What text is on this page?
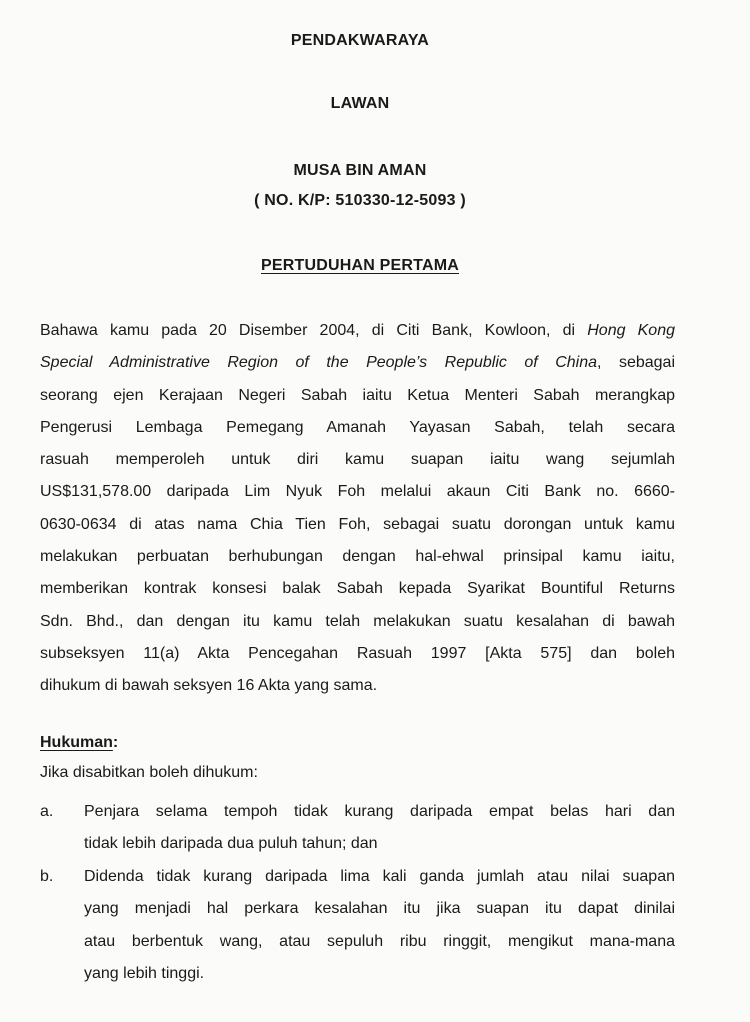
PENDAKWARAYA
LAWAN
MUSA BIN AMAN
( NO. K/P: 510330-12-5093 )
PERTUDUHAN PERTAMA
Bahawa kamu pada 20 Disember 2004, di Citi Bank, Kowloon, di Hong Kong
Special Administrative Region of the People’s Republic of China, sebagai
seorang ejen Kerajaan Negeri Sabah iaitu Ketua Menteri Sabah merangkap
Pengerusi Lembaga Pemegang Amanah Yayasan Sabah, telah secara
rasuah memperoleh untuk diri kamu suapan iaitu wang sejumlah
US$131,578.00 daripada Lim Nyuk Foh melalui akaun Citi Bank no. 6660-
0630-0634 di atas nama Chia Tien Foh, sebagai suatu dorongan untuk kamu
melakukan perbuatan berhubungan dengan hal-ehwal prinsipal kamu iaitu,
memberikan kontrak konsesi balak Sabah kepada Syarikat Bountiful Returns
Sdn. Bhd., dan dengan itu kamu telah melakukan suatu kesalahan di bawah
subseksyen 11(a) Akta Pencegahan Rasuah 1997 [Akta 575] dan boleh
dihukum di bawah seksyen 16 Akta yang sama.
Hukuman:
Jika disabitkan boleh dihukum:
a. Penjara selama tempoh tidak kurang daripada empat belas hari dan
tidak lebih daripada dua puluh tahun; dan
b. Didenda tidak kurang daripada lima kali ganda jumlah atau nilai suapan
yang menjadi hal perkara kesalahan itu jika suapan itu dapat dinilai
atau berbentuk wang, atau sepuluh ribu ringgit, mengikut mana-mana
yang lebih tinggi.
